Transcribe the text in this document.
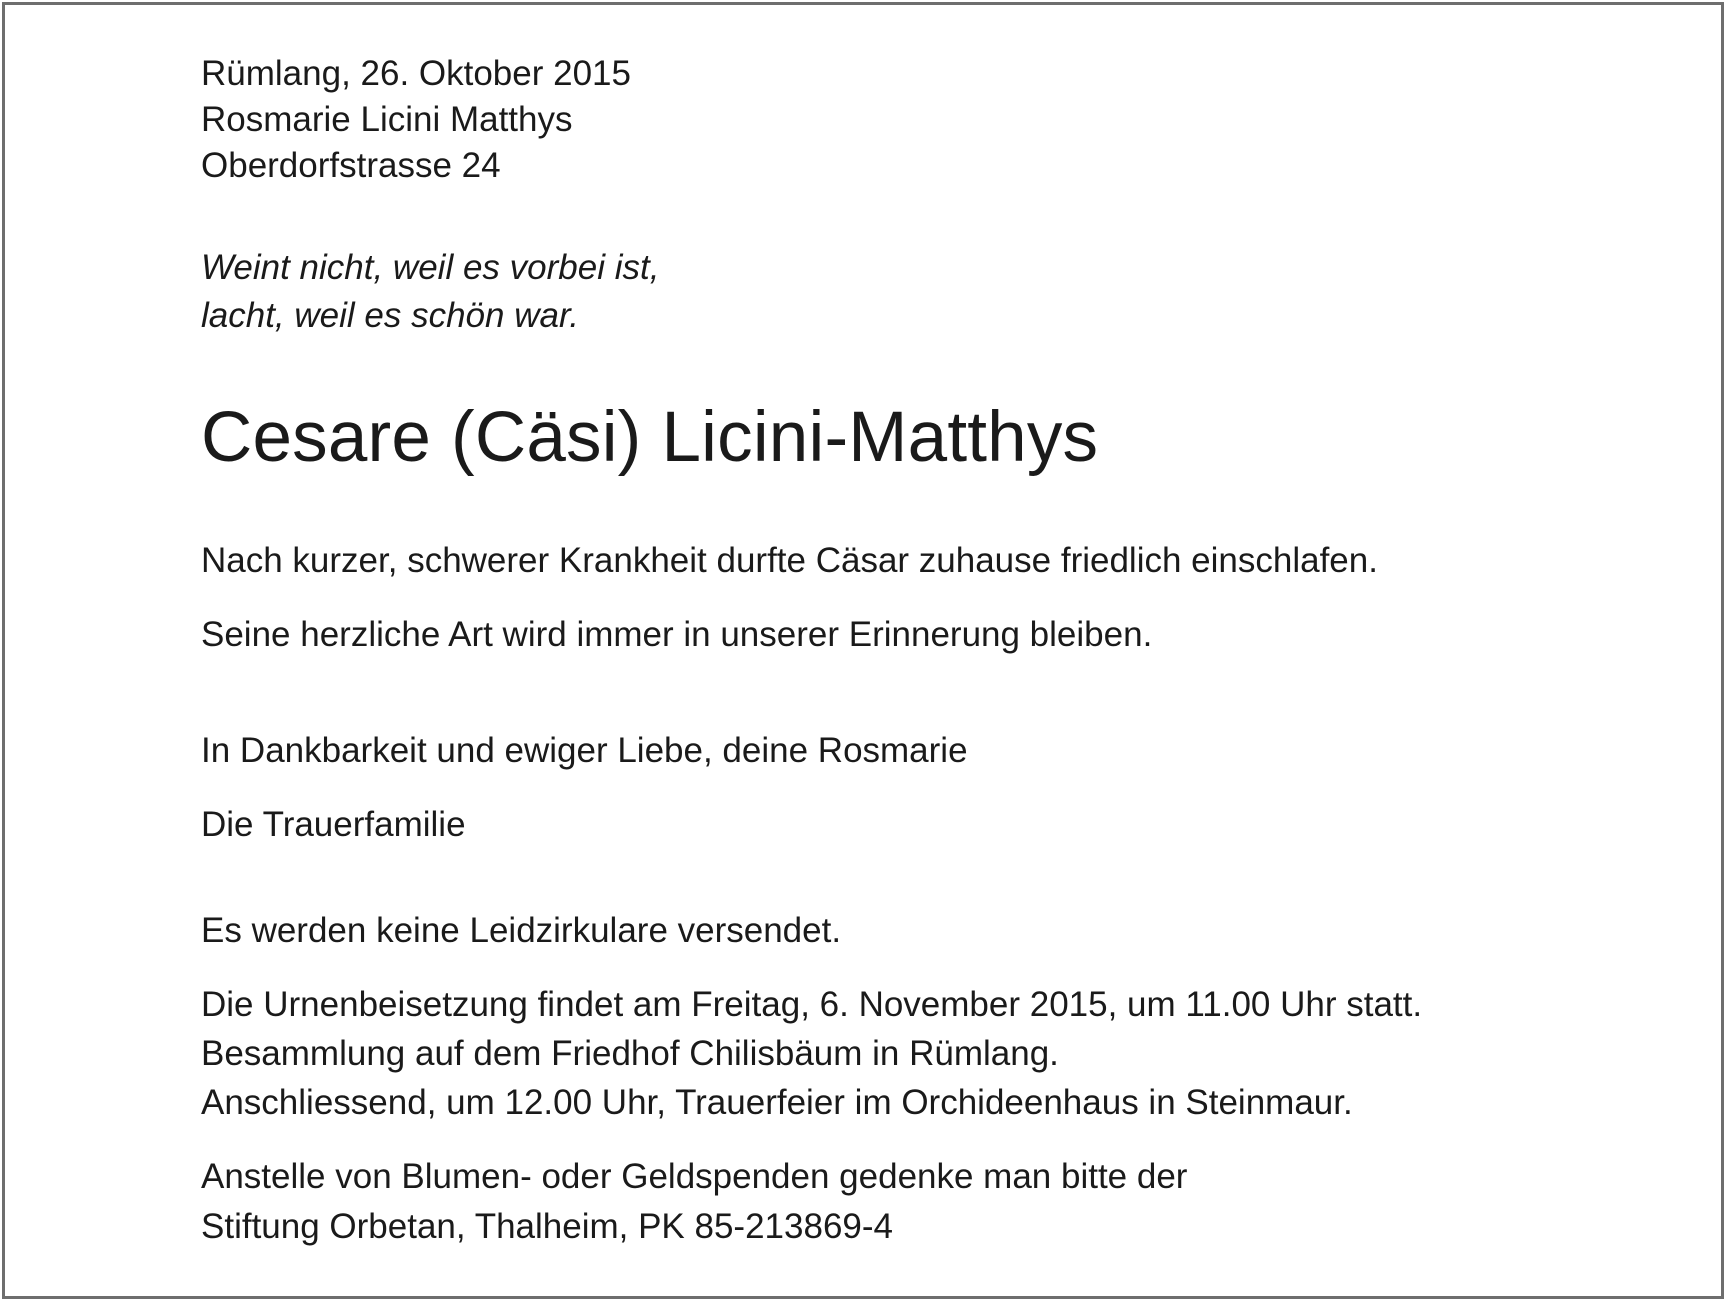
Rümlang, 26. Oktober 2015
Rosmarie Licini Matthys
Oberdorfstrasse 24
Weint nicht, weil es vorbei ist,
lacht, weil es schön war.
Cesare (Cäsi) Licini-Matthys
Nach kurzer, schwerer Krankheit durfte Cäsar zuhause friedlich einschlafen.
Seine herzliche Art wird immer in unserer Erinnerung bleiben.
In Dankbarkeit und ewiger Liebe, deine Rosmarie
Die Trauerfamilie
Es werden keine Leidzirkulare versendet.
Die Urnenbeisetzung findet am Freitag, 6. November 2015, um 11.00 Uhr statt.
Besammlung auf dem Friedhof Chilisbäum in Rümlang.
Anschliessend, um 12.00 Uhr, Trauerfeier im Orchideenhaus in Steinmaur.
Anstelle von Blumen- oder Geldspenden gedenke man bitte der
Stiftung Orbetan, Thalheim, PK 85-213869-4
